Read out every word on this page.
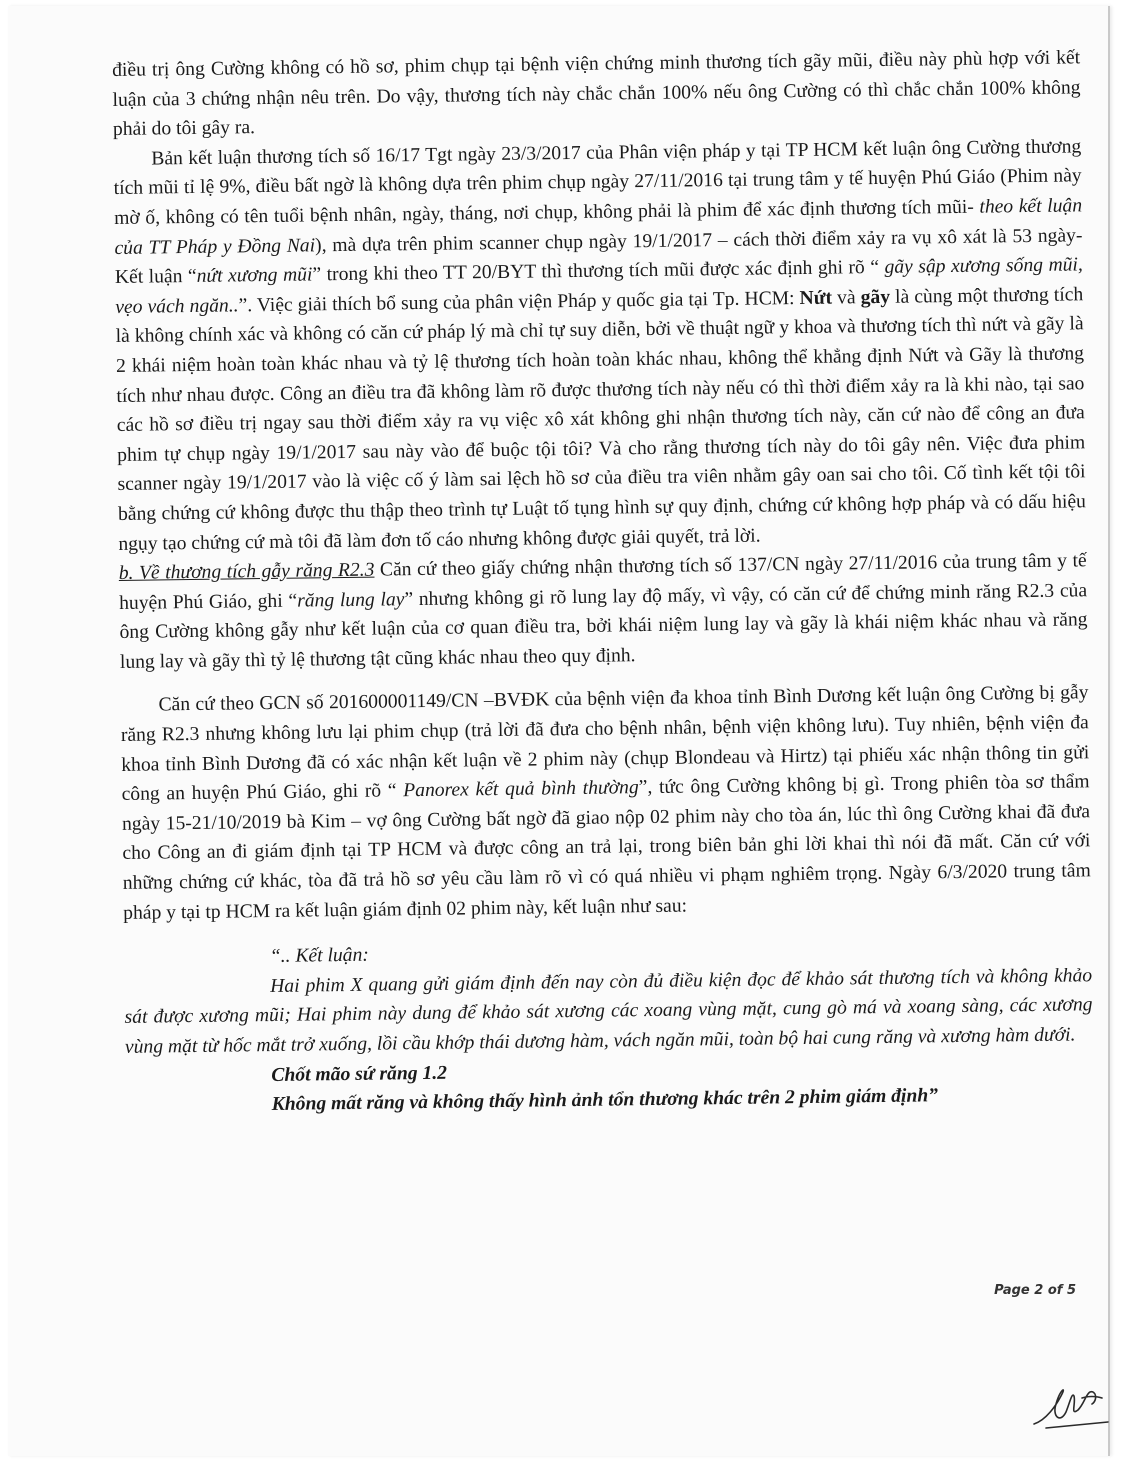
điều trị ông Cường không có hồ sơ, phim chụp tại bệnh viện chứng minh thương tích gãy mũi, điều này phù hợp với kết luận của 3 chứng nhận nêu trên. Do vậy, thương tích này chắc chắn 100% nếu ông Cường có thì chắc chắn 100% không phải do tôi gây ra.

Bản kết luận thương tích số 16/17 Tgt ngày 23/3/2017 của Phân viện pháp y tại TP HCM kết luận ông Cường thương tích mũi tỉ lệ 9%, điều bất ngờ là không dựa trên phim chụp ngày 27/11/2016 tại trung tâm y tế huyện Phú Giáo (Phim này mờ ố, không có tên tuổi bệnh nhân, ngày, tháng, nơi chụp, không phải là phim để xác định thương tích mũi- theo kết luận của TT Pháp y Đồng Nai), mà dựa trên phim scanner chụp ngày 19/1/2017 – cách thời điểm xảy ra vụ xô xát là 53 ngày- Kết luận “nứt xương mũi” trong khi theo TT 20/BYT thì thương tích mũi được xác định ghi rõ “ gãy sập xương sống mũi, vẹo vách ngăn..”. Việc giải thích bổ sung của phân viện Pháp y quốc gia tại Tp. HCM: Nứt và gãy là cùng một thương tích là không chính xác và không có căn cứ pháp lý mà chỉ tự suy diễn, bởi về thuật ngữ y khoa và thương tích thì nứt và gãy là 2 khái niệm hoàn toàn khác nhau và tỷ lệ thương tích hoàn toàn khác nhau, không thể khẳng định Nứt và Gãy là thương tích như nhau được. Công an điều tra đã không làm rõ được thương tích này nếu có thì thời điểm xảy ra là khi nào, tại sao các hồ sơ điều trị ngay sau thời điểm xảy ra vụ việc xô xát không ghi nhận thương tích này, căn cứ nào để công an đưa phim tự chụp ngày 19/1/2017 sau này vào để buộc tội tôi? Và cho rằng thương tích này do tôi gây nên. Việc đưa phim scanner ngày 19/1/2017 vào là việc cố ý làm sai lệch hồ sơ của điều tra viên nhằm gây oan sai cho tôi. Cố tình kết tội tôi bằng chứng cứ không được thu thập theo trình tự Luật tố tụng hình sự quy định, chứng cứ không hợp pháp và có dấu hiệu ngụy tạo chứng cứ mà tôi đã làm đơn tố cáo nhưng không được giải quyết, trả lời.

b. Về thương tích gẫy răng R2.3 Căn cứ theo giấy chứng nhận thương tích số 137/CN ngày 27/11/2016 của trung tâm y tế huyện Phú Giáo, ghi “răng lung lay” nhưng không gi rõ lung lay độ mấy, vì vậy, có căn cứ để chứng minh răng R2.3 của ông Cường không gẫy như kết luận của cơ quan điều tra, bởi khái niệm lung lay và gãy là khái niệm khác nhau và răng lung lay và gãy thì tỷ lệ thương tật cũng khác nhau theo quy định.

Căn cứ theo GCN số 201600001149/CN –BVĐK của bệnh viện đa khoa tỉnh Bình Dương kết luận ông Cường bị gẫy răng R2.3 nhưng không lưu lại phim chụp (trả lời đã đưa cho bệnh nhân, bệnh viện không lưu). Tuy nhiên, bệnh viện đa khoa tỉnh Bình Dương đã có xác nhận kết luận về 2 phim này (chụp Blondeau và Hirtz) tại phiếu xác nhận thông tin gửi công an huyện Phú Giáo, ghi rõ “ Panorex kết quả bình thường”, tức ông Cường không bị gì. Trong phiên tòa sơ thẩm ngày 15-21/10/2019 bà Kim – vợ ông Cường bất ngờ đã giao nộp 02 phim này cho tòa án, lúc thì ông Cường khai đã đưa cho Công an đi giám định tại TP HCM và được công an trả lại, trong biên bản ghi lời khai thì nói đã mất. Căn cứ với những chứng cứ khác, tòa đã trả hồ sơ yêu cầu làm rõ vì có quá nhiều vi phạm nghiêm trọng. Ngày 6/3/2020 trung tâm pháp y tại tp HCM ra kết luận giám định 02 phim này, kết luận như sau:

“.. Kết luận:

Hai phim X quang gửi giám định đến nay còn đủ điều kiện đọc để khảo sát thương tích và không khảo sát được xương mũi; Hai phim này dung để khảo sát xương các xoang vùng mặt, cung gò má và xoang sàng, các xương vùng mặt từ hốc mắt trở xuống, lồi cầu khớp thái dương hàm, vách ngăn mũi, toàn bộ hai cung răng và xương hàm dưới.

Chốt mão sứ răng 1.2

Không mất răng và không thấy hình ảnh tổn thương khác trên 2 phim giám định”

Page 2 of 5
